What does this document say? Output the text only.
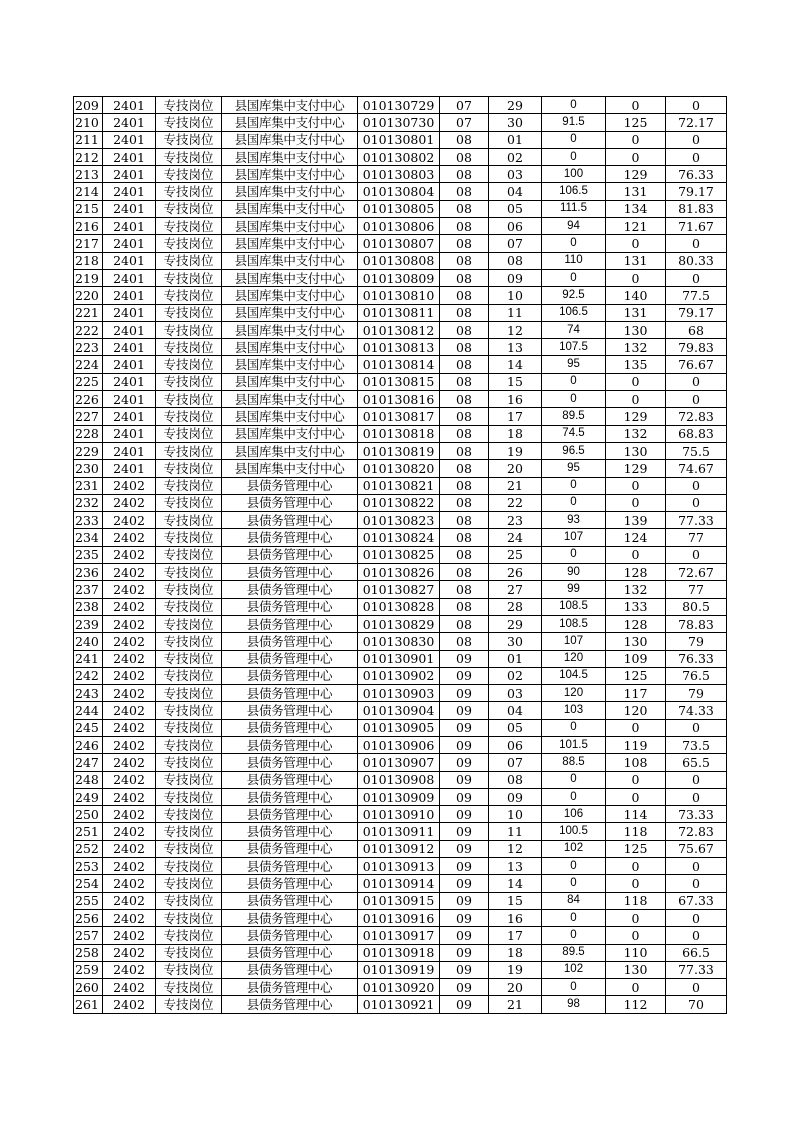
209	2401	专技岗位	县国库集中支付中心	010130729	07	29	0	0	0
210	2401	专技岗位	县国库集中支付中心	010130730	07	30	91.5	125	72.17
211	2401	专技岗位	县国库集中支付中心	010130801	08	01	0	0	0
212	2401	专技岗位	县国库集中支付中心	010130802	08	02	0	0	0
213	2401	专技岗位	县国库集中支付中心	010130803	08	03	100	129	76.33
214	2401	专技岗位	县国库集中支付中心	010130804	08	04	106.5	131	79.17
215	2401	专技岗位	县国库集中支付中心	010130805	08	05	111.5	134	81.83
216	2401	专技岗位	县国库集中支付中心	010130806	08	06	94	121	71.67
217	2401	专技岗位	县国库集中支付中心	010130807	08	07	0	0	0
218	2401	专技岗位	县国库集中支付中心	010130808	08	08	110	131	80.33
219	2401	专技岗位	县国库集中支付中心	010130809	08	09	0	0	0
220	2401	专技岗位	县国库集中支付中心	010130810	08	10	92.5	140	77.5
221	2401	专技岗位	县国库集中支付中心	010130811	08	11	106.5	131	79.17
222	2401	专技岗位	县国库集中支付中心	010130812	08	12	74	130	68
223	2401	专技岗位	县国库集中支付中心	010130813	08	13	107.5	132	79.83
224	2401	专技岗位	县国库集中支付中心	010130814	08	14	95	135	76.67
225	2401	专技岗位	县国库集中支付中心	010130815	08	15	0	0	0
226	2401	专技岗位	县国库集中支付中心	010130816	08	16	0	0	0
227	2401	专技岗位	县国库集中支付中心	010130817	08	17	89.5	129	72.83
228	2401	专技岗位	县国库集中支付中心	010130818	08	18	74.5	132	68.83
229	2401	专技岗位	县国库集中支付中心	010130819	08	19	96.5	130	75.5
230	2401	专技岗位	县国库集中支付中心	010130820	08	20	95	129	74.67
231	2402	专技岗位	县债务管理中心	010130821	08	21	0	0	0
232	2402	专技岗位	县债务管理中心	010130822	08	22	0	0	0
233	2402	专技岗位	县债务管理中心	010130823	08	23	93	139	77.33
234	2402	专技岗位	县债务管理中心	010130824	08	24	107	124	77
235	2402	专技岗位	县债务管理中心	010130825	08	25	0	0	0
236	2402	专技岗位	县债务管理中心	010130826	08	26	90	128	72.67
237	2402	专技岗位	县债务管理中心	010130827	08	27	99	132	77
238	2402	专技岗位	县债务管理中心	010130828	08	28	108.5	133	80.5
239	2402	专技岗位	县债务管理中心	010130829	08	29	108.5	128	78.83
240	2402	专技岗位	县债务管理中心	010130830	08	30	107	130	79
241	2402	专技岗位	县债务管理中心	010130901	09	01	120	109	76.33
242	2402	专技岗位	县债务管理中心	010130902	09	02	104.5	125	76.5
243	2402	专技岗位	县债务管理中心	010130903	09	03	120	117	79
244	2402	专技岗位	县债务管理中心	010130904	09	04	103	120	74.33
245	2402	专技岗位	县债务管理中心	010130905	09	05	0	0	0
246	2402	专技岗位	县债务管理中心	010130906	09	06	101.5	119	73.5
247	2402	专技岗位	县债务管理中心	010130907	09	07	88.5	108	65.5
248	2402	专技岗位	县债务管理中心	010130908	09	08	0	0	0
249	2402	专技岗位	县债务管理中心	010130909	09	09	0	0	0
250	2402	专技岗位	县债务管理中心	010130910	09	10	106	114	73.33
251	2402	专技岗位	县债务管理中心	010130911	09	11	100.5	118	72.83
252	2402	专技岗位	县债务管理中心	010130912	09	12	102	125	75.67
253	2402	专技岗位	县债务管理中心	010130913	09	13	0	0	0
254	2402	专技岗位	县债务管理中心	010130914	09	14	0	0	0
255	2402	专技岗位	县债务管理中心	010130915	09	15	84	118	67.33
256	2402	专技岗位	县债务管理中心	010130916	09	16	0	0	0
257	2402	专技岗位	县债务管理中心	010130917	09	17	0	0	0
258	2402	专技岗位	县债务管理中心	010130918	09	18	89.5	110	66.5
259	2402	专技岗位	县债务管理中心	010130919	09	19	102	130	77.33
260	2402	专技岗位	县债务管理中心	010130920	09	20	0	0	0
261	2402	专技岗位	县债务管理中心	010130921	09	21	98	112	70
